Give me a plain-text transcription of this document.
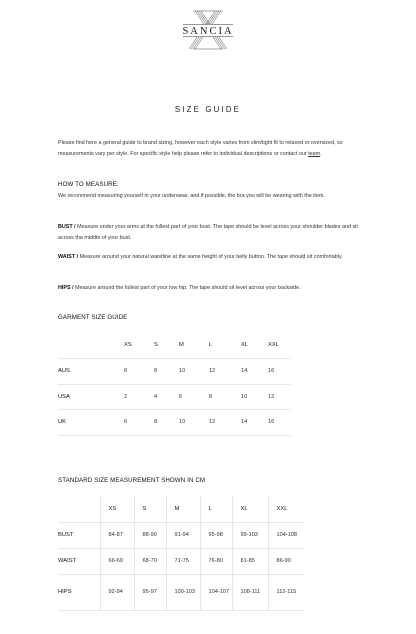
SANCIA
SIZE GUIDE
Please find here a general guide to brand sizing, however each style varies from slim/tight fit to relaxed or oversized, so measurements vary per style. For specific style help please refer to individual descriptions or contact our team.
HOW TO MEASURE:
We recommend measuring yourself in your underwear, and if possible, the bra you will be wearing with the item.
BUST / Measure under your arms at the fullest part of your bust. The tape should be level across your shoulder blades and sit across the middle of your bust.
WAIST / Measure around your natural waistline at the same height of your belly button. The tape should sit comfortably.
HIPS / Measure around the fullest part of your low hip. The tape should sit level across your backside.
GARMENT SIZE GUIDE
	XS	S	M	L	XL	XXL
AUS	6	8	10	12	14	16
USA	2	4	6	8	10	12
UK	6	8	10	12	14	16
STANDARD SIZE MEASUREMENT SHOWN IN CM
	XS	S	M	L	XL	XXL
BUST	84-87	88-90	91-94	95-98	99-103	104-108
WAIST	66-69	68-70	71-75	76-80	81-85	86-90
HIPS	92-94	95-97	100-103	104-107	108-111	112-115
